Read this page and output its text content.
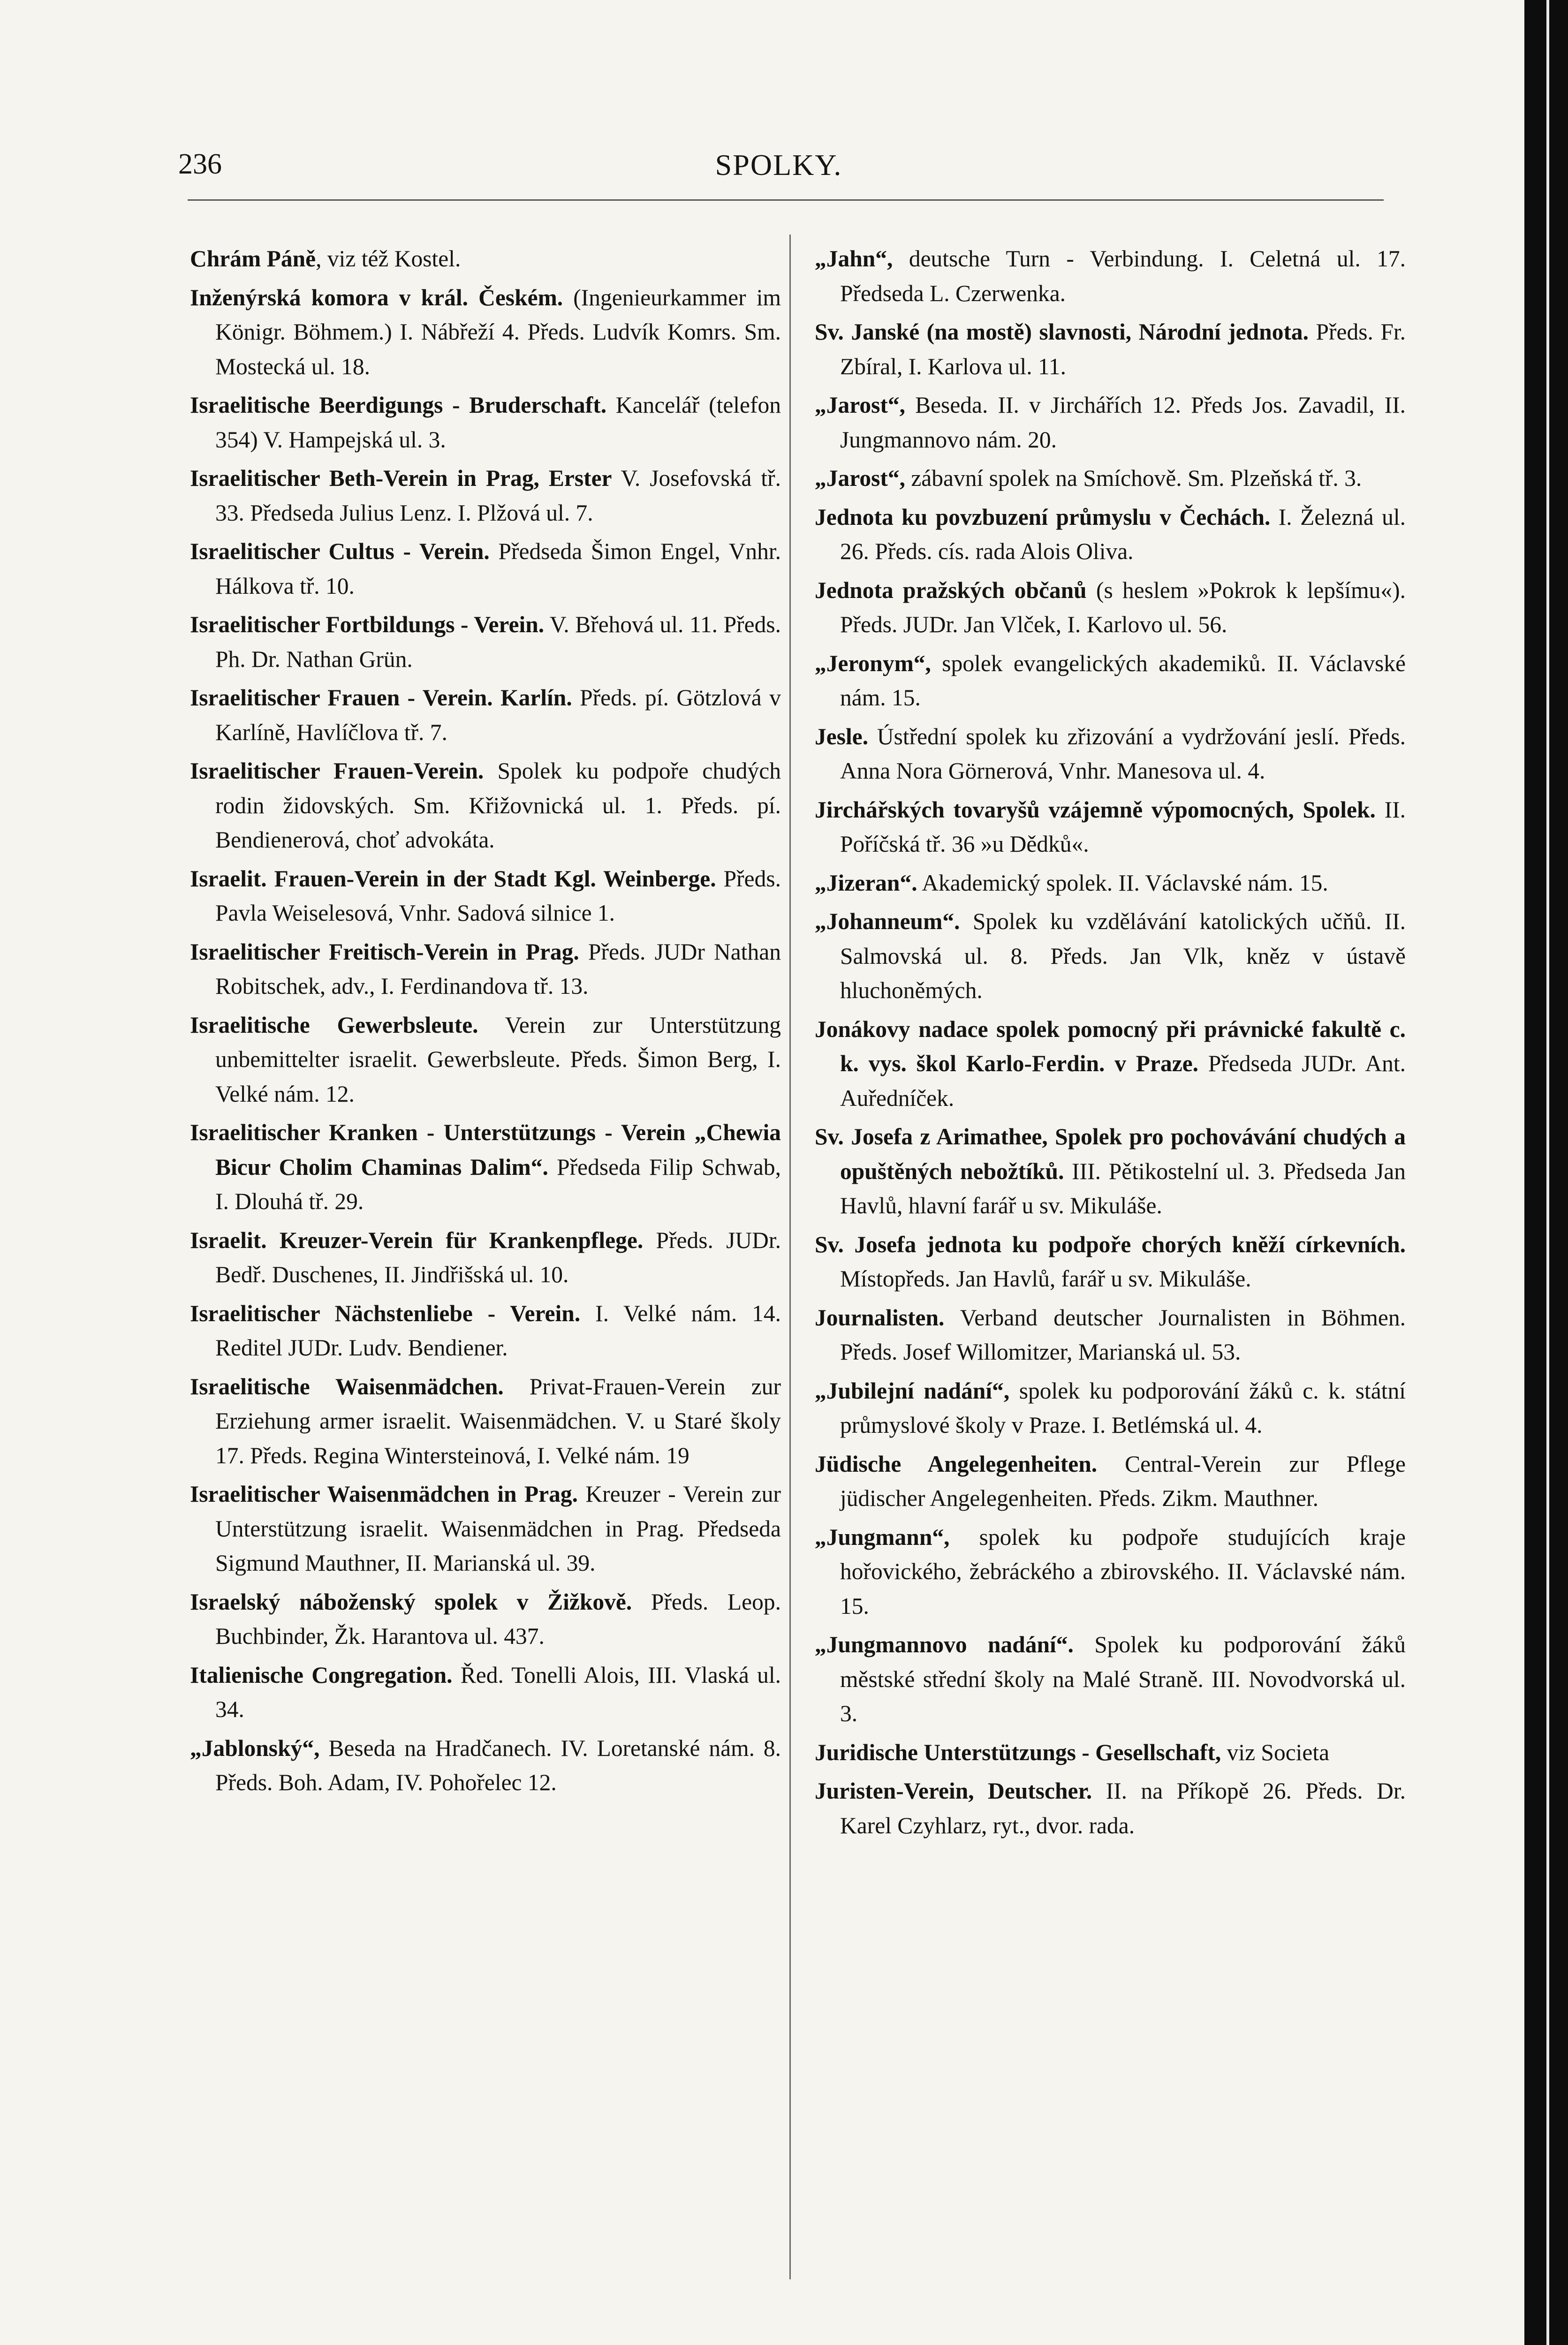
236	SPOLKY.

Chrám Páně, viz též Kostel.

Inženýrská komora v král. Českém. (Ingenieurkammer im Königr. Böhmem.) I. Nábřeží 4. Předs. Ludvík Komrs. Sm. Mostecká ul. 18.

Israelitische Beerdigungs - Bruderschaft. Kancelář (telefon 354) V. Hampejská ul. 3.

Israelitischer Beth-Verein in Prag, Erster V. Josefovská tř. 33. Předseda Julius Lenz. I. Plžová ul. 7.

Israelitischer Cultus - Verein. Předseda Šimon Engel, Vnhr. Hálkova tř. 10.

Israelitischer Fortbildungs - Verein. V. Břehová ul. 11. Předs. Ph. Dr. Nathan Grün.

Israelitischer Frauen - Verein. Karlín. Předs. pí. Götzlová v Karlíně, Havlíčlova tř. 7.

Israelitischer Frauen-Verein. Spolek ku podpoře chudých rodin židovských. Sm. Křižovnická ul. 1. Předs. pí. Bendienerová, choť advokáta.

Israelit. Frauen-Verein in der Stadt Kgl. Weinberge. Předs. Pavla Weiselesová, Vnhr. Sadová silnice 1.

Israelitischer Freitisch-Verein in Prag. Předs. JUDr Nathan Robitschek, adv., I. Ferdinandova tř. 13.

Israelitische Gewerbsleute. Verein zur Unterstützung unbemittelter israelit. Gewerbsleute. Předs. Šimon Berg, I. Velké nám. 12.

Israelitischer Kranken - Unterstützungs - Verein „Chewia Bicur Cholim Chaminas Dalim“. Předseda Filip Schwab, I. Dlouhá tř. 29.

Israelit. Kreuzer-Verein für Krankenpflege. Předs. JUDr. Bedř. Duschenes, II. Jindřišská ul. 10.

Israelitischer Nächstenliebe - Verein. I. Velké nám. 14. Reditel JUDr. Ludv. Bendiener.

Israelitische Waisenmädchen. Privat-Frauen-Verein zur Erziehung armer israelit. Waisenmädchen. V. u Staré školy 17. Předs. Regina Wintersteinová, I. Velké nám. 19

Israelitischer Waisenmädchen in Prag. Kreuzer - Verein zur Unterstützung israelit. Waisenmädchen in Prag. Předseda Sigmund Mauthner, II. Marianská ul. 39.

Israelský náboženský spolek v Žižkově. Předs. Leop. Buchbinder, Žk. Harantova ul. 437.

Italienische Congregation. Řed. Tonelli Alois, III. Vlaská ul. 34.

„Jablonský“, Beseda na Hradčanech. IV. Loretanské nám. 8. Předs. Boh. Adam, IV. Pohořelec 12.

„Jahn“, deutsche Turn - Verbindung. I. Celetná ul. 17. Předseda L. Czerwenka.

Sv. Janské (na mostě) slavnosti, Národní jednota. Předs. Fr. Zbíral, I. Karlova ul. 11.

„Jarost“, Beseda. II. v Jirchářích 12. Předs Jos. Zavadil, II. Jungmannovo nám. 20.

„Jarost“, zábavní spolek na Smíchově. Sm. Plzeňská tř. 3.

Jednota ku povzbuzení průmyslu v Čechách. I. Železná ul. 26. Předs. cís. rada Alois Oliva.

Jednota pražských občanů (s heslem »Pokrok k lepšímu«). Předs. JUDr. Jan Vlček, I. Karlovo ul. 56.

„Jeronym“, spolek evangelických akademiků. II. Václavské nám. 15.

Jesle. Ústřední spolek ku zřizování a vydržování jeslí. Předs. Anna Nora Görnerová, Vnhr. Manesova ul. 4.

Jirchářských tovaryšů vzájemně výpomocných, Spolek. II. Poříčská tř. 36 »u Dědků«.

„Jizeran“. Akademický spolek. II. Václavské nám. 15.

„Johanneum“. Spolek ku vzdělávání katolických učňů. II. Salmovská ul. 8. Předs. Jan Vlk, kněz v ústavě hluchoněmých.

Jonákovy nadace spolek pomocný při právnické fakultě c. k. vys. škol Karlo-Ferdin. v Praze. Předseda JUDr. Ant. Auředníček.

Sv. Josefa z Arimathee, Spolek pro pochovávání chudých a opuštěných nebožtíků. III. Pětikostelní ul. 3. Předseda Jan Havlů, hlavní farář u sv. Mikuláše.

Sv. Josefa jednota ku podpoře chorých kněží církevních. Místopředs. Jan Havlů, farář u sv. Mikuláše.

Journalisten. Verband deutscher Journalisten in Böhmen. Předs. Josef Willomitzer, Marianská ul. 53.

„Jubilejní nadání“, spolek ku podporování žáků c. k. státní průmyslové školy v Praze. I. Betlémská ul. 4.

Jüdische Angelegenheiten. Central-Verein zur Pflege jüdischer Angelegenheiten. Předs. Zikm. Mauthner.

„Jungmann“, spolek ku podpoře studujících kraje hořovického, žebráckého a zbirovského. II. Václavské nám. 15.

„Jungmannovo nadání“. Spolek ku podporování žáků městské střední školy na Malé Straně. III. Novodvorská ul. 3.

Juridische Unterstützungs - Gesellschaft, viz Societa

Juristen-Verein, Deutscher. II. na Příkopě 26. Předs. Dr. Karel Czyhlarz, ryt., dvor. rada.
